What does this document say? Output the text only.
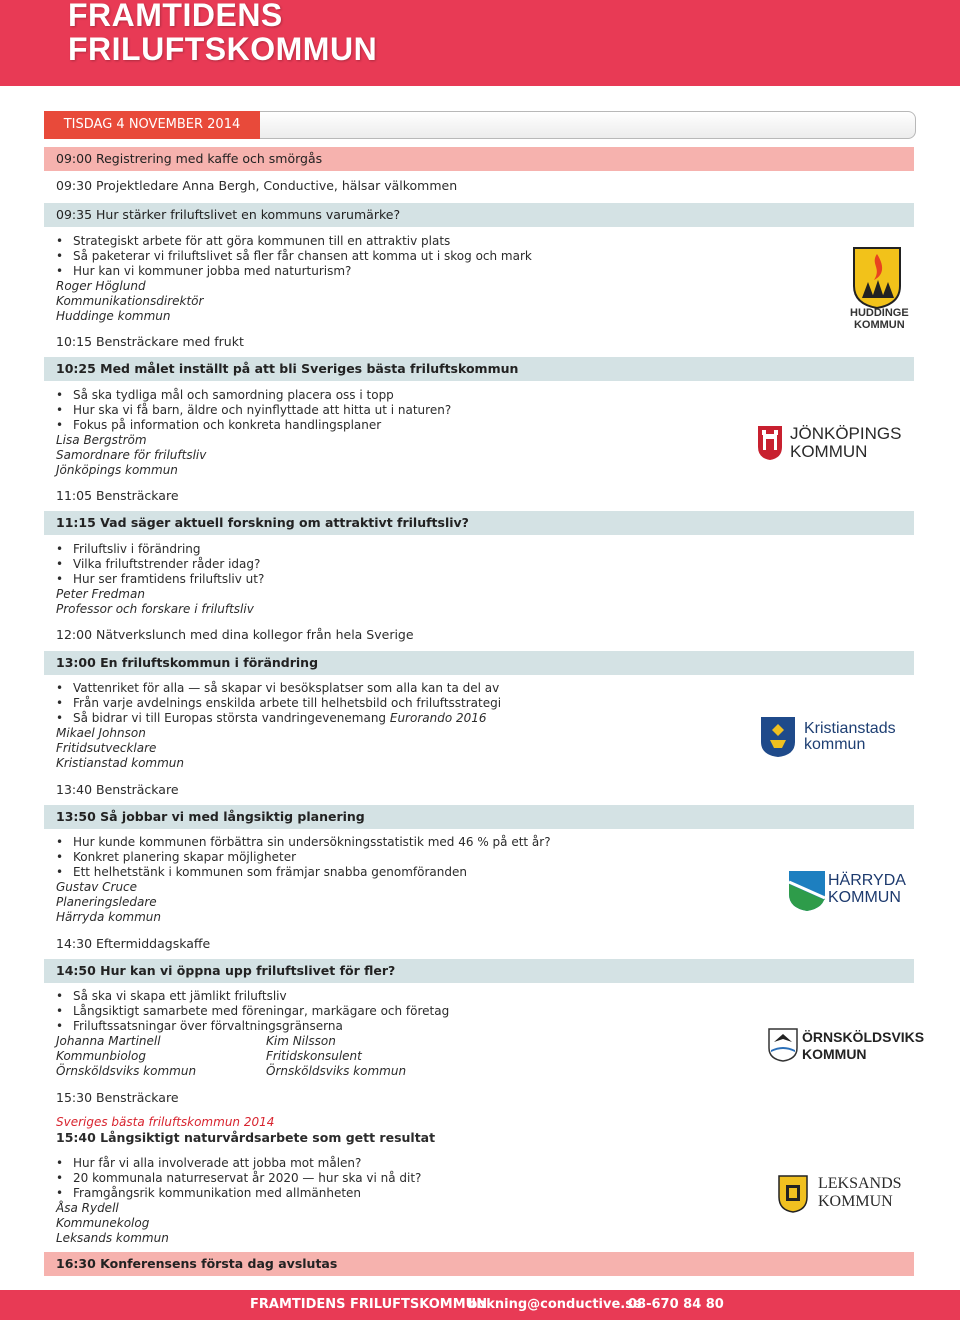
FRAMTIDENS
FRILUFTSKOMMUN
TISDAG 4 NOVEMBER 2014
09:00 Registrering med kaffe och smörgås
09:30 Projektledare Anna Bergh, Conductive, hälsar välkommen
09:35 Hur stärker friluftslivet en kommuns varumärke?
• Strategiskt arbete för att göra kommunen till en attraktiv plats
• Så paketerar vi friluftslivet så fler får chansen att komma ut i skog och mark
• Hur kan vi kommuner jobba med naturturism?
Roger Höglund
Kommunikationsdirektör
Huddinge kommun
10:15 Bensträckare med frukt
10:25 Med målet inställt på att bli Sveriges bästa friluftskommun
• Så ska tydliga mål och samordning placera oss i topp
• Hur ska vi få barn, äldre och nyinflyttade att hitta ut i naturen?
• Fokus på information och konkreta handlingsplaner
Lisa Bergström
Samordnare för friluftsliv
Jönköpings kommun
11:05 Bensträckare
11:15 Vad säger aktuell forskning om attraktivt friluftsliv?
• Friluftsliv i förändring
• Vilka friluftstrender råder idag?
• Hur ser framtidens friluftsliv ut?
Peter Fredman
Professor och forskare i friluftsliv
12:00 Nätverkslunch med dina kollegor från hela Sverige
13:00 En friluftskommun i förändring
• Vattenriket för alla — så skapar vi besöksplatser som alla kan ta del av
• Från varje avdelnings enskilda arbete till helhetsbild och friluftsstrategi
• Så bidrar vi till Europas största vandringevenemang Eurorando 2016
Mikael Johnson
Fritidsutvecklare
Kristianstad kommun
13:40 Bensträckare
13:50 Så jobbar vi med långsiktig planering
• Hur kunde kommunen förbättra sin undersökningsstatistik med 46 % på ett år?
• Konkret planering skapar möjligheter
• Ett helhetstänk i kommunen som främjar snabba genomföranden
Gustav Cruce
Planeringsledare
Härryda kommun
14:30 Eftermiddagskaffe
14:50 Hur kan vi öppna upp friluftslivet för fler?
• Så ska vi skapa ett jämlikt friluftsliv
• Långsiktigt samarbete med föreningar, markägare och företag
• Friluftssatsningar över förvaltningsgränserna
Johanna Martinell
Kommunbiolog
Örnsköldsviks kommun
Kim Nilsson
Fritidskonsulent
Örnsköldsviks kommun
15:30 Bensträckare
Sveriges bästa friluftskommun 2014
15:40 Långsiktigt naturvårdsarbete som gett resultat
• Hur får vi alla involverade att jobba mot målen?
• 20 kommunala naturreservat år 2020 — hur ska vi nå dit?
• Framgångsrik kommunikation med allmänheten
Åsa Rydell
Kommunekolog
Leksands kommun
16:30 Konferensens första dag avslutas
HUDDINGE
KOMMUN
JÖNKÖPINGS
KOMMUN
Kristianstads
kommun
HÄRRYDA
KOMMUN
ÖRNSKÖLDSVIKS
KOMMUN
LEKSANDS
KOMMUN
FRAMTIDENS FRILUFTSKOMMUN
bokning@conductive.se
08-670 84 80
